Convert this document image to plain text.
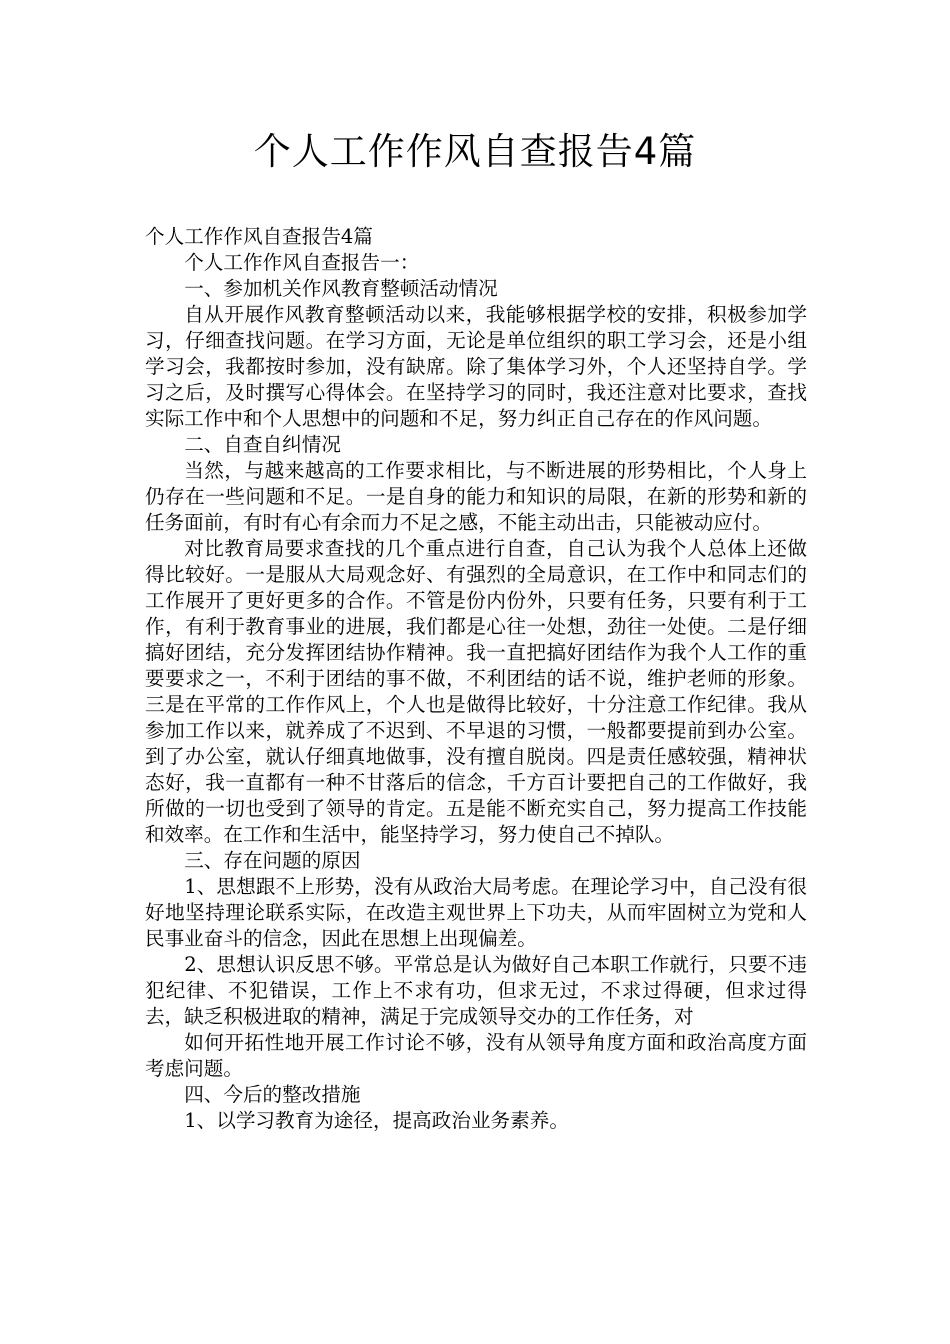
个人工作作风自查报告4篇

个人工作作风自查报告4篇

个人工作作风自查报告一：

一、参加机关作风教育整顿活动情况

自从开展作风教育整顿活动以来，我能够根据学校的安排，积极参加学习，仔细查找问题。在学习方面，无论是单位组织的职工学习会，还是小组学习会，我都按时参加，没有缺席。除了集体学习外，个人还坚持自学。学习之后，及时撰写心得体会。在坚持学习的同时，我还注意对比要求，查找实际工作中和个人思想中的问题和不足，努力纠正自己存在的作风问题。

二、自查自纠情况

当然，与越来越高的工作要求相比，与不断进展的形势相比，个人身上仍存在一些问题和不足。一是自身的能力和知识的局限，在新的形势和新的任务面前，有时有心有余而力不足之感，不能主动出击，只能被动应付。

对比教育局要求查找的几个重点进行自查，自己认为我个人总体上还做得比较好。一是服从大局观念好、有强烈的全局意识，在工作中和同志们的工作展开了更好更多的合作。不管是份内份外，只要有任务，只要有利于工作，有利于教育事业的进展，我们都是心往一处想，劲往一处使。二是仔细搞好团结，充分发挥团结协作精神。我一直把搞好团结作为我个人工作的重要要求之一，不利于团结的事不做，不利团结的话不说，维护老师的形象。三是在平常的工作作风上，个人也是做得比较好，十分注意工作纪律。我从参加工作以来，就养成了不迟到、不早退的习惯，一般都要提前到办公室。到了办公室，就认仔细真地做事，没有擅自脱岗。四是责任感较强，精神状态好，我一直都有一种不甘落后的信念，千方百计要把自己的工作做好，我所做的一切也受到了领导的肯定。五是能不断充实自己，努力提高工作技能和效率。在工作和生活中，能坚持学习，努力使自己不掉队。

三、存在问题的原因

1、思想跟不上形势，没有从政治大局考虑。在理论学习中，自己没有很好地坚持理论联系实际，在改造主观世界上下功夫，从而牢固树立为党和人民事业奋斗的信念，因此在思想上出现偏差。

2、思想认识反思不够。平常总是认为做好自己本职工作就行，只要不违犯纪律、不犯错误，工作上不求有功，但求无过，不求过得硬，但求过得去，缺乏积极进取的精神，满足于完成领导交办的工作任务，对

如何开拓性地开展工作讨论不够，没有从领导角度方面和政治高度方面考虑问题。

四、今后的整改措施

1、以学习教育为途径，提高政治业务素养。
